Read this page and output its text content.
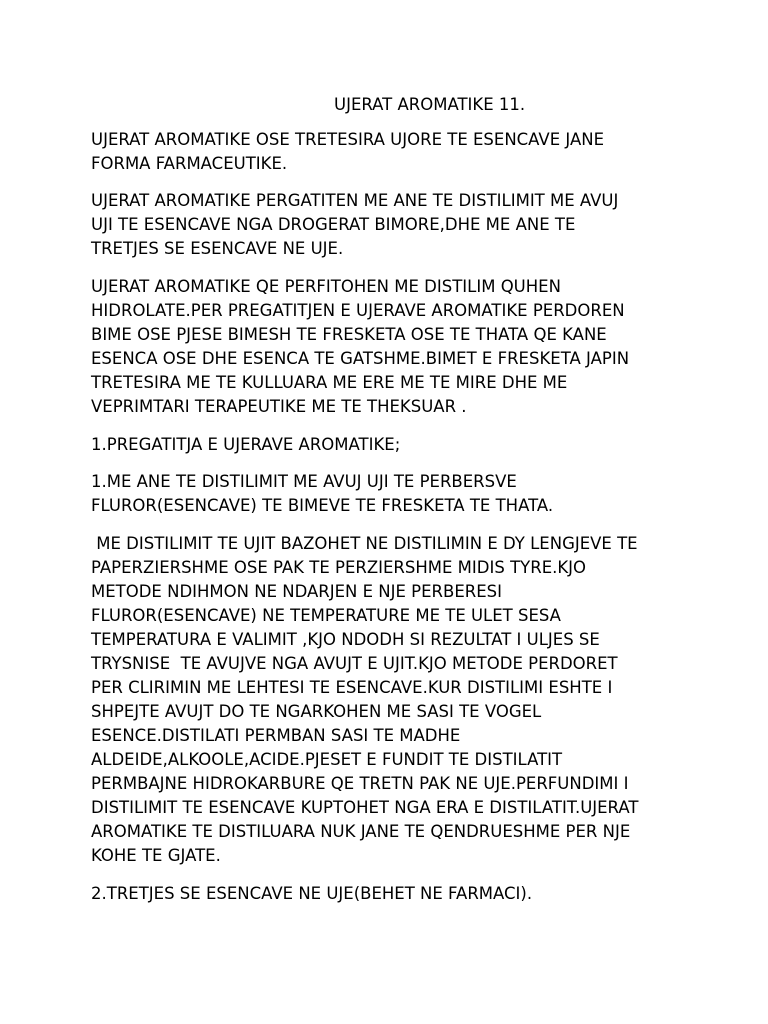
UJERAT AROMATIKE 11.
UJERAT AROMATIKE OSE TRETESIRA UJORE TE ESENCAVE JANE
FORMA FARMACEUTIKE.
UJERAT AROMATIKE PERGATITEN ME ANE TE DISTILIMIT ME AVUJ
UJI TE ESENCAVE NGA DROGERAT BIMORE,DHE ME ANE TE
TRETJES SE ESENCAVE NE UJE.
UJERAT AROMATIKE QE PERFITOHEN ME DISTILIM QUHEN
HIDROLATE.PER PREGATITJEN E UJERAVE AROMATIKE PERDOREN
BIME OSE PJESE BIMESH TE FRESKETA OSE TE THATA QE KANE
ESENCA OSE DHE ESENCA TE GATSHME.BIMET E FRESKETA JAPIN
TRETESIRA ME TE KULLUARA ME ERE ME TE MIRE DHE ME
VEPRIMTARI TERAPEUTIKE ME TE THEKSUAR .
1.PREGATITJA E UJERAVE AROMATIKE;
1.ME ANE TE DISTILIMIT ME AVUJ UJI TE PERBERSVE
FLUROR(ESENCAVE) TE BIMEVE TE FRESKETA TE THATA.
ME DISTILIMIT TE UJIT BAZOHET NE DISTILIMIN E DY LENGJEVE TE
PAPERZIERSHME OSE PAK TE PERZIERSHME MIDIS TYRE.KJO
METODE NDIHMON NE NDARJEN E NJE PERBERESI
FLUROR(ESENCAVE) NE TEMPERATURE ME TE ULET SESA
TEMPERATURA E VALIMIT ,KJO NDODH SI REZULTAT I ULJES SE
TRYSNISE  TE AVUJVE NGA AVUJT E UJIT.KJO METODE PERDORET
PER CLIRIMIN ME LEHTESI TE ESENCAVE.KUR DISTILIMI ESHTE I
SHPEJTE AVUJT DO TE NGARKOHEN ME SASI TE VOGEL
ESENCE.DISTILATI PERMBAN SASI TE MADHE
ALDEIDE,ALKOOLE,ACIDE.PJESET E FUNDIT TE DISTILATIT
PERMBAJNE HIDROKARBURE QE TRETN PAK NE UJE.PERFUNDIMI I
DISTILIMIT TE ESENCAVE KUPTOHET NGA ERA E DISTILATIT.UJERAT
AROMATIKE TE DISTILUARA NUK JANE TE QENDRUESHME PER NJE
KOHE TE GJATE.
2.TRETJES SE ESENCAVE NE UJE(BEHET NE FARMACI).
